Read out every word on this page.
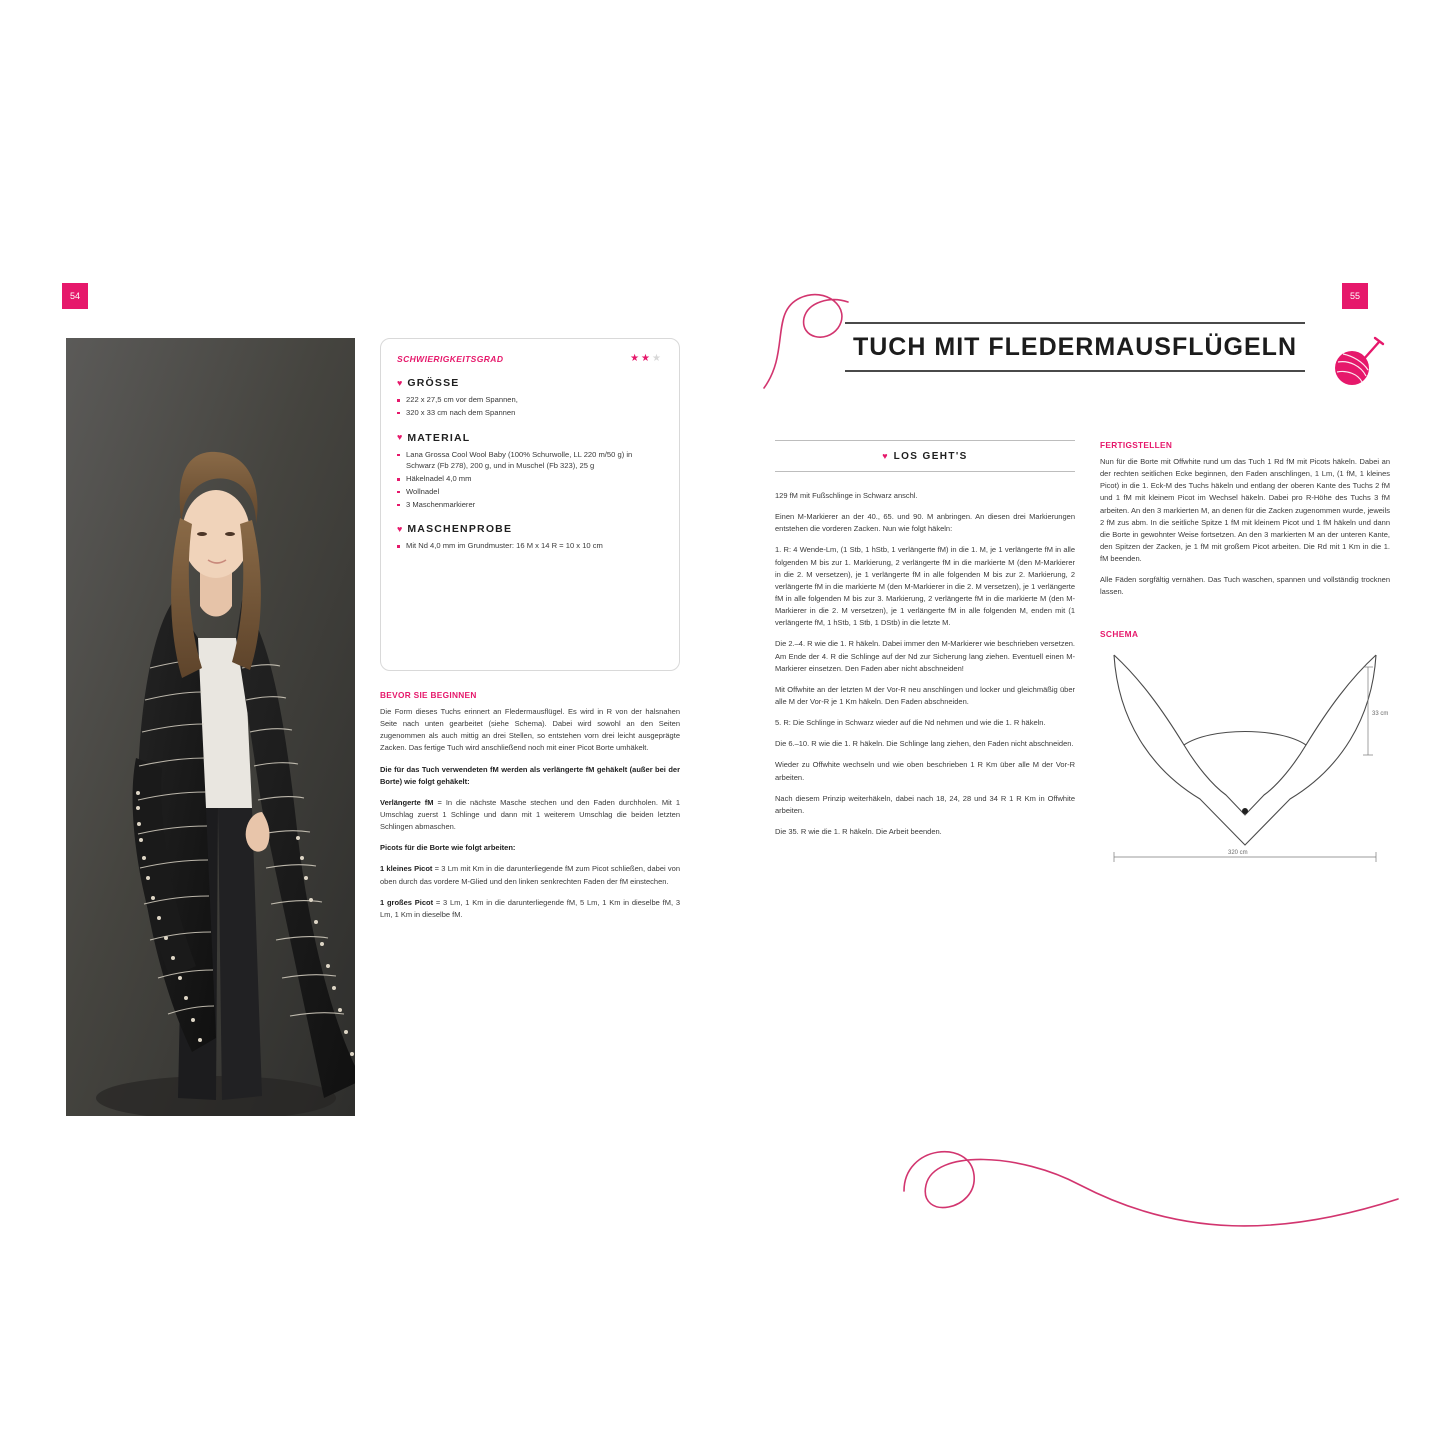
54	55
SCHWIERIGKEITSGRAD	★★★
♥ GRÖSSE
222 x 27,5 cm vor dem Spannen,
320 x 33 cm nach dem Spannen
♥ MATERIAL
Lana Grossa Cool Wool Baby (100% Schurwolle, LL 220 m/50 g) in Schwarz (Fb 278), 200 g, und in Muschel (Fb 323), 25 g
Häkelnadel 4,0 mm
Wollnadel
3 Maschenmarkierer
♥ MASCHENPROBE
Mit Nd 4,0 mm im Grundmuster: 16 M x 14 R = 10 x 10 cm
BEVOR SIE BEGINNEN

Die Form dieses Tuchs erinnert an Fledermausflügel. Es wird in R von der halsnahen Seite nach unten gearbeitet (siehe Schema). Dabei wird sowohl an den Seiten zugenommen als auch mittig an drei Stellen, so entstehen vorn drei leicht ausgeprägte Zacken. Das fertige Tuch wird anschließend noch mit einer Picot Borte umhäkelt.

Die für das Tuch verwendeten fM werden als verlängerte fM gehäkelt (außer bei der Borte) wie folgt gehäkelt:

Verlängerte fM = In die nächste Masche stechen und den Faden durchholen. Mit 1 Umschlag zuerst 1 Schlinge und dann mit 1 weiterem Umschlag die beiden letzten Schlingen abmaschen.

Picots für die Borte wie folgt arbeiten:

1 kleines Picot = 3 Lm mit Km in die darunterliegende fM zum Picot schließen, dabei von oben durch das vordere M-Glied und den linken senkrechten Faden der fM einstechen.

1 großes Picot = 3 Lm, 1 Km in die darunterliegende fM, 5 Lm, 1 Km in dieselbe fM, 3 Lm, 1 Km in dieselbe fM.

TUCH MIT FLEDERMAUSFLÜGELN
♥ LOS GEHT'S

129 fM mit Fußschlinge in Schwarz anschl.

Einen M-Markierer an der 40., 65. und 90. M anbringen. An diesen drei Markierungen entstehen die vorderen Zacken. Nun wie folgt häkeln:

1. R: 4 Wende-Lm, (1 Stb, 1 hStb, 1 verlängerte fM) in die 1. M, je 1 verlängerte fM in alle folgenden M bis zur 1. Markierung, 2 verlängerte fM in die markierte M (den M-Markierer in die 2. M versetzen), je 1 verlängerte fM in alle folgenden M bis zur 2. Markierung, 2 verlängerte fM in die markierte M (den M-Markierer in die 2. M versetzen), je 1 verlängerte fM in alle folgenden M bis zur 3. Markierung, 2 verlängerte fM in die markierte M (den M-Markierer in die 2. M versetzen), je 1 verlängerte fM in alle folgenden M, enden mit (1 verlängerte fM, 1 hStb, 1 Stb, 1 DStb) in die letzte M.

Die 2.–4. R wie die 1. R häkeln. Dabei immer den M-Markierer wie beschrieben versetzen. Am Ende der 4. R die Schlinge auf der Nd zur Sicherung lang ziehen. Eventuell einen M-Markierer einsetzen. Den Faden aber nicht abschneiden!

Mit Offwhite an der letzten M der Vor-R neu anschlingen und locker und gleichmäßig über alle M der Vor-R je 1 Km häkeln. Den Faden abschneiden.

5. R: Die Schlinge in Schwarz wieder auf die Nd nehmen und wie die 1. R häkeln.

Die 6.–10. R wie die 1. R häkeln. Die Schlinge lang ziehen, den Faden nicht abschneiden.

Wieder zu Offwhite wechseln und wie oben beschrieben 1 R Km über alle M der Vor-R arbeiten.

Nach diesem Prinzip weiterhäkeln, dabei nach 18, 24, 28 und 34 R 1 R Km in Offwhite arbeiten.

Die 35. R wie die 1. R häkeln. Die Arbeit beenden.

FERTIGSTELLEN

Nun für die Borte mit Offwhite rund um das Tuch 1 Rd fM mit Picots häkeln. Dabei an der rechten seitlichen Ecke beginnen, den Faden anschlingen, 1 Lm, (1 fM, 1 kleines Picot) in die 1. Eck-M des Tuchs häkeln und entlang der oberen Kante des Tuchs 2 fM und 1 fM mit kleinem Picot im Wechsel häkeln. Dabei pro R-Höhe des Tuchs 3 fM arbeiten. An den 3 markierten M, an denen für die Zacken zugenommen wurde, jeweils 2 fM zus abm. In die seitliche Spitze 1 fM mit kleinem Picot und 1 fM häkeln und dann die Borte in gewohnter Weise fortsetzen. An den 3 markierten M an der unteren Kante, den Spitzen der Zacken, je 1 fM mit großem Picot arbeiten. Die Rd mit 1 Km in die 1. fM beenden.

Alle Fäden sorgfältig vernähen. Das Tuch waschen, spannen und vollständig trocknen lassen.

SCHEMA
320 cm
33 cm
